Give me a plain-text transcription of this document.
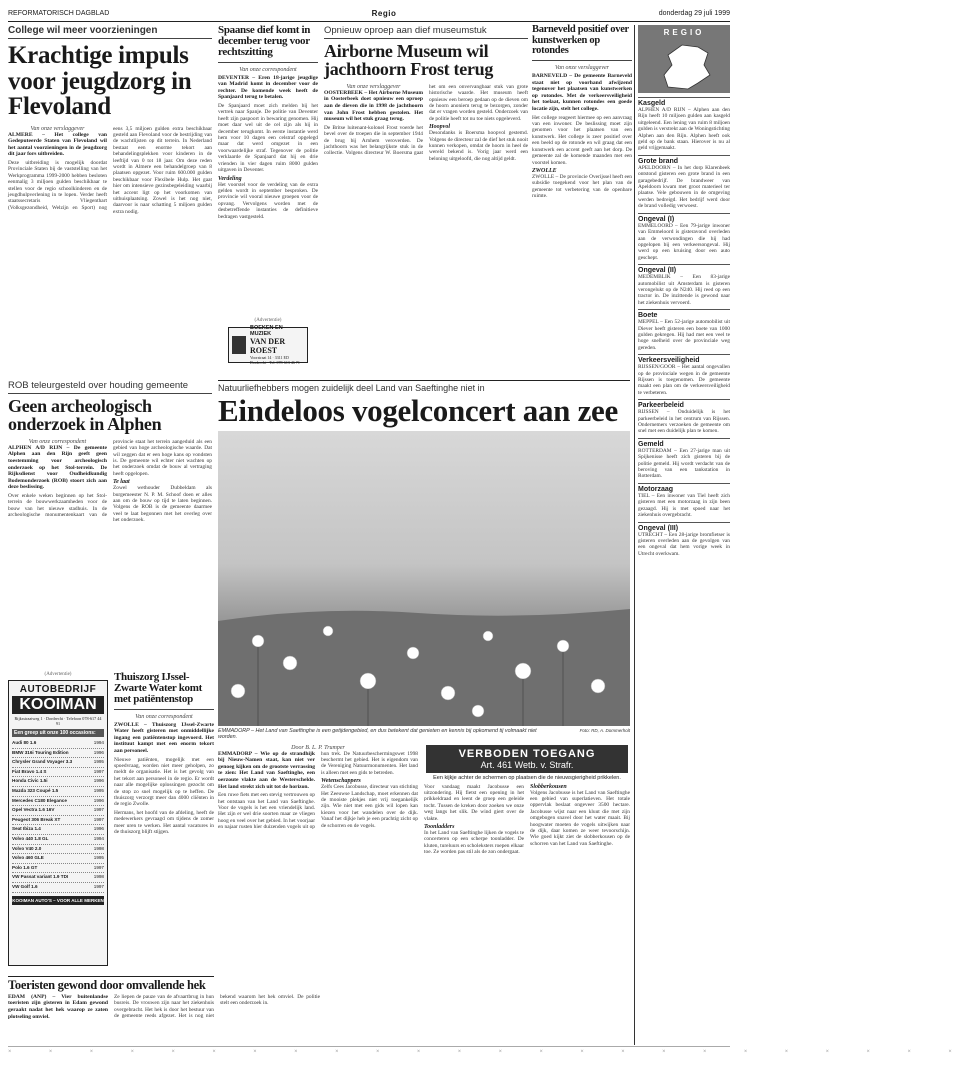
REFORMATORISCH DAGBLAD	Regio	donderdag 29 juli 1999
College wil meer voorzieningen
Krachtige impuls voor jeugdzorg in Flevoland
Van onze verslaggever
ALMERE – Het college van Gedeputeerde Staten van Flevoland wil het aantal voorzieningen in de jeugdzorg dit jaar fors uitbreiden.
Deze uitbreiding is mogelijk doordat Provinciale Staten bij de vaststelling van het Werkprogramma 1999-2000 hebben besloten eenmalig 3 miljoen gulden beschikbaar te stellen voor de regio schoolkinderen en de jeugdhulpverlening in te lopen. Verder heeft staatssecretaris Vliegenthart (Volksgezondheid, Welzijn en Sport) nog eens 3,5 miljoen gulden extra beschikbaar gesteld aan Flevoland voor de bestrijding van de wachtlijsten op dit terrein. In Nederland bestaat een enorme tekort aan behandelingsplekken voor kinderen in de leeftijd van 0 tot 18 jaar. Om deze reden wordt in Almere een behandelgroep van 8 plaatsen opgezet. Voor ruim 600.000 gulden beschikbaar voor Flexibele Hulp. Het gaat hier om intensieve gezinsbegeleiding waarbij het accent ligt op het voorkomen van uithuisplaatsing. Zowel is het nog niet, daarvoor is naar schatting 5 miljoen gulden extra nodig.
Spaanse dief komt in december terug voor rechtszitting
Van onze correspondent
DEVENTER – Eren 18-jarige jeugdige van Madrid komt in december voor de rechter. De komende week heeft de Spanjaard terug te betalen.
De Spanjaard moet zich melden bij het vertrek naar Spanje. De politie van Deventer heeft zijn paspoort in bewaring genomen. Hij moet daar wel uit de cel zijn als hij in december terugkomt. In eerste instantie werd hem voor 10 dagen een celstraf opgelegd maar dat werd omgezet in een voorwaardelijke straf. Tegenover de politie verklaarde de Spanjaard dat hij en drie vrienden in vier dagen ruim 8000 gulden uitgaven in Deventer.
Verdeling
Het voorstel voor de verdeling van de extra gelden wordt in september besproken. De provincie wil vooral nieuwe groepen voor de opvang. Vervolgens worden met de desbetreffende instanties de definitieve bedragen vastgesteld.
(Advertentie)
BOEKEN EN MUZIEK
VAN DER ROEST
Voorstraat 14 · 3311 ED Dordrecht · Tel. 078-613 46 71
Opnieuw oproep aan dief museumstuk
Airborne Museum wil jachthoorn Frost terug
Van onze verslaggever
OOSTERBEEK – Het Airborne Museum in Oosterbeek doet opnieuw een oproep aan de dieven die in 1998 de jachthoorn van John Frost hebben gestolen. Het museum wil het stuk graag terug.
De Britse luitenant-kolonel Frost voerde het bevel over de troepen die in september 1944 de brug bij Arnhem veroverden. De jachthoorn was het belangrijkste stuk in de collectie. Volgens directeur W. Boersma gaat het om een onvervangbaar stuk van grote historische waarde. Het museum heeft opnieuw een beroep gedaan op de dieven om de hoorn anoniem terug te bezorgen, zonder dat er vragen worden gesteld. Onderzoek van de politie heeft tot nu toe niets opgeleverd.
Hoopvol
Desondanks is Boersma hoopvol gestemd. Volgens de directeur zal de dief het stuk nooit kunnen verkopen, omdat de hoorn in heel de wereld bekend is. Vorig jaar werd een beloning uitgeloofd, die nog altijd geldt.
Barneveld positief over kunstwerken op rotondes
Van onze verslaggever
BARNEVELD – De gemeente Barneveld staat niet op voorhand afwijzend tegenover het plaatsen van kunstwerken op rotondes. Met de verkeersveiligheid het toelaat, kunnen rotondes een goede locatie zijn, stelt het college.
Het college reageert hiermee op een aanvraag van een inwoner. De beslissing moet zijn genomen voor het plaatsen van een kunstwerk. Het college is zeer positief over een beeld op de rotonde en wil graag dat een kunstwerk een accent geeft aan het dorp. De gemeente zal de komende maanden met een voorstel komen.
ZWOLLE
ZWOLLE – De provincie Overijssel heeft een subsidie toegekend voor het plan van de gemeente tot verbetering van de openbare ruimte.
REGIO
Kasgeld
ALPHEN A/D RIJN – Alphen aan den Rijn heeft 10 miljoen gulden aan kasgeld uitgeleend. Een lening van ruim 8 miljoen gulden is verstrekt aan de Woningstichting Alphen aan den Rijn. Alphen heeft ook geld op de bank staan. Hierover is nu al geld vrijgemaakt.
Grote brand
APELDOORN – In het dorp Klarenbeek ontstond gisteren een grote brand in een garagebedrijf. De brandweer van Apeldoorn kwam met groot materieel ter plaatse. Vele gebouwen in de omgeving werden bedreigd. Het bedrijf werd door de brand volledig verwoest.
Ongeval (I)
EMMELOORD – Een 79-jarige inwoner van Emmeloord is gisteravond overleden aan de verwondingen die hij had opgelopen bij een verkeersongeval. Hij werd op een kruising door een auto geschept.
Ongeval (II)
MEDEMBLIK – Een 83-jarige automobilist uit Amsterdam is gisteren verongelukt op de N240. Hij reed op een tractor in. De inzittende is gewond naar het ziekenhuis vervoerd.
Boete
MEPPEL – Een 52-jarige automobilist uit Diever heeft gisteren een boete van 1000 gulden gekregen. Hij had met een veel te hoge snelheid over de provinciale weg gereden.
Verkeersveiligheid
RIJSSEN/GOOR – Het aantal ongevallen op de provinciale wegen in de gemeente Rijssen is toegenomen. De gemeente maakt een plan om de verkeersveiligheid te verbeteren.
Parkeerbeleid
RIJSSEN – Onduidelijk is het parkeerbeleid in het centrum van Rijssen. Ondernemers verzoeken de gemeente om snel met een duidelijk plan te komen.
Gemeld
ROTTERDAM – Een 27-jarige man uit Spijkenisse heeft zich gisteren bij de politie gemeld. Hij wordt verdacht van de beroving van een tankstation in Rotterdam.
Motorzaag
TIEL – Een inwoner van Tiel heeft zich gisteren met een motorzaag in zijn been gezaagd. Hij is met spoed naar het ziekenhuis overgebracht.
Ongeval (III)
UTRECHT – Een 28-jarige bromfietser is gisteren overleden aan de gevolgen van een ongeval dat hem vorige week in Utrecht overkwam.
ROB teleurgesteld over houding gemeente
Geen archeologisch onderzoek in Alphen
Van onze correspondent
ALPHEN A/D RIJN – De gemeente Alphen aan den Rijn geeft geen toestemming voor archeologisch onderzoek op het Stol-terrein. De Rijksdienst voor Oudheidkundig Bodemonderzoek (ROB) stoort zich aan deze beslissing.
Over enkele weken beginnen op het Stol-terrein de bouwwerkzaamheden voor de bouw van het nieuwe stadhuis. In de archeologische monumentenkaart van de provincie staat het terrein aangeduid als een gebied van hoge archeologische waarde. Dat wil zeggen dat er een hoge kans op vondsten is. De gemeente wil echter niet wachten op het onderzoek omdat de bouw al vertraging heeft opgelopen.
Te laat
Zowel wethouder Dubbeldam als burgemeester N. P. M. Schoof doen er alles aan om de bouw op tijd te laten beginnen. Volgens de ROB is de gemeente daarmee veel te laat begonnen met het overleg over het onderzoek.
Natuurliefhebbers mogen zuidelijk deel Land van Saeftinghe niet in
Eindeloos vogelconcert aan zee
EMMADORP – Het Land van Saeftinghe is een getijdengebied, en dus betekent dat genieten en kennis bij opkomend tij volmaakt niet worden.
Foto: RD, A. Dommerholt
Door B. L. P. Trumper
EMMADORP – Wie op de strandhijk bij Nieuw-Namen staat, kan niet ver genoeg kijken om de grootste verrassing te zien: Het Land van Saeftinghe, een oerzoute vlakte aan de Westerschelde. Het land strekt zich uit tot de horizon.
Een ruwe fiets met een stevig vertrouwen op het ontstaan van het Land van Saeftinghe. Voor de vogels is het een vriendelijk land. Het zijn er wel drie soorten maar ze vliegen hoog en veel over het gebied. In het voorjaar en najaar rusten hier duizenden vogels uit op hun trek. De Natuurbeschermingswet 1998 beschermt het gebied. Het is eigendom van de Vereniging Natuurmonumenten. Het land is alleen met een gids te betreden.
Wetenschappers
Zelfs Cees Jacobusse, directeur van stichting Het Zeeuwse Landschap, moet erkennen dat de mooiste plekjes niet vrij toegankelijk zijn. Wie niet met een gids wil lopen kan kiezen voor het wandelen over de dijk. Vanaf het dijkje heb je een prachtig zicht op de schorren en de vogels.
VERBODEN TOEGANG
Art. 461 Wetb. v. Strafr.
Een kijkje achter de schermen op plaatsen die de nieuwsgierigheid prikkelen.
Voor vandaag maakt Jacobusse een uitzondering. Hij fietst een opening in het prikkeldraad en leent de groep een geleide tocht. Tussen de kreken door zoeken we onze weg langs het slik. De wind giert over de vlakte.
Toonladders
In het Land van Saeftinghe lijken de vogels te concerteren op een scherpe toonladder. De kluten, tureluurs en scholeksters roepen elkaar toe. Ze worden pas stil als de zon ondergaat.
Slobberkousen
Volgens Jacobusse is het Land van Saeftinghe een gebied van superlatieven. Het totale oppervlak beslaat ongeveer 3500 hectare. Jacobusse wijst naar een kluut die met zijn omgebogen snavel door het water maait. Bij hoogwater moeten de vogels uitwijken naar de dijk, daar komen ze weer tevoorschijn. Wie goed kijkt ziet de slobberkousen op de schorren van het Land van Saeftinghe.
(Advertentie)
AUTOBEDRIJF
KOOIMAN
Rijksstraatweg 1 · Dordrecht · Telefoon 078-617 44 91
Een greep uit onze 100 occasions:
Audi 80 1.6	1994
BMW 316i Touring Edition	1996
Chrysler Grand Voyager 3.3	1995
Fiat Bravo 1.4 S	1997
Honda Civic 1.5i	1996
Mazda 323 Coupé 1.5	1995
Mercedes C180 Elegance	1996
Opel Vectra 1.6 16V	1997
Peugeot 306 Break XT	1997
Seat Ibiza 1.4	1996
Volvo 440 1.8 GL	1994
Volvo V40 2.0	1998
Volvo 460 GLE	1995
Polo 1.6 GT	1997
VW Passat variant 1.9 TDI	1998
VW Golf 1.6	1997
KOOIMAN AUTO'S – VOOR ALLE MERKEN
Thuiszorg IJssel-Zwarte Water komt met patiëntenstop
Van onze correspondent
ZWOLLE – Thuiszorg IJssel-Zwarte Water heeft gisteren met onmiddellijke ingang een patiëntenstop ingevoerd. Het instituut kampt met een enorm tekort aan personeel.
Nieuwe patiënten, mogelijk met een spoedvraag, worden niet meer geholpen, zo meldt de organisatie. Het is het gevolg van het tekort aan personeel in de regio. Er wordt naar alle mogelijke oplossingen gezocht om de stop zo snel mogelijk op te heffen. De thuiszorg verzorgt meer dan 4000 cliënten in de regio Zwolle.
Hermans, het hoofd van de afdeling, heeft de medewerkers gevraagd om tijdens de zomer meer uren te werken. Het aantal vacatures in de thuiszorg blijft stijgen.
Toeristen gewond door omvallende hek
EDAM (ANP) – Vier buitenlandse toeristen zijn gisteren in Edam gewond geraakt nadat het hek waarop ze zaten plotseling omviel.
Ze liepen de pauze van de afvaartbrug in hun busreis. De vrouwen zijn naar het ziekenhuis overgebracht. Het hek is door het bestuur van de gemeente reeds afgezet. Het is nog niet bekend waarom het hek omviel. De politie stelt een onderzoek in.
× × × × × × × × × × × × × × × × × × × × × × × ×
